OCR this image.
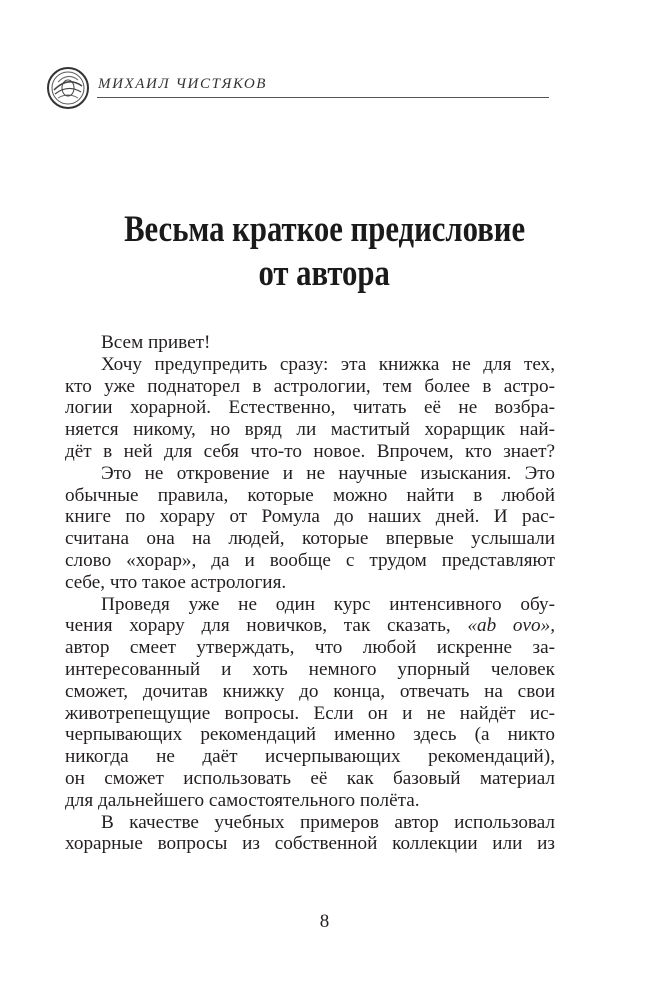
МИХАИЛ ЧИСТЯКОВ
Весьма краткое предисловие
от автора
Всем привет!
Хочу предупредить сразу: эта книжка не для тех,
кто уже поднаторел в астрологии, тем более в астро-
логии хорарной. Естественно, читать её не возбра-
няется никому, но вряд ли маститый хорарщик най-
дёт в ней для себя что-то новое. Впрочем, кто знает?
Это не откровение и не научные изыскания. Это
обычные правила, которые можно найти в любой
книге по хорару от Ромула до наших дней. И рас-
считана она на людей, которые впервые услышали
слово «хорар», да и вообще с трудом представляют
себе, что такое астрология.
Проведя уже не один курс интенсивного обу-
чения хорару для новичков, так сказать, «ab ovo»,
автор смеет утверждать, что любой искренне за-
интересованный и хоть немного упорный человек
сможет, дочитав книжку до конца, отвечать на свои
животрепещущие вопросы. Если он и не найдёт ис-
черпывающих рекомендаций именно здесь (а никто
никогда не даёт исчерпывающих рекомендаций),
он сможет использовать её как базовый материал
для дальнейшего самостоятельного полёта.
В качестве учебных примеров автор использовал
хорарные вопросы из собственной коллекции или из
8
